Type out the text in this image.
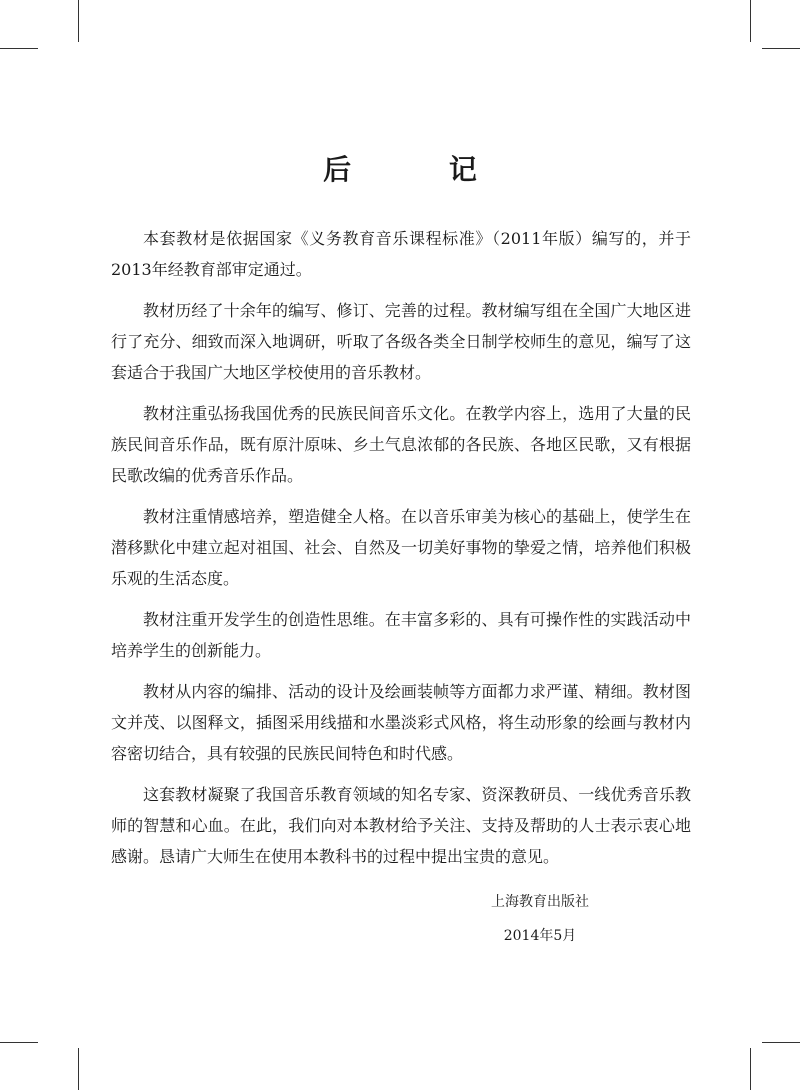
后 记

本套教材是依据国家《义务教育音乐课程标准》（2011年版）编写的，并于2013年经教育部审定通过。

教材历经了十余年的编写、修订、完善的过程。教材编写组在全国广大地区进行了充分、细致而深入地调研，听取了各级各类全日制学校师生的意见，编写了这套适合于我国广大地区学校使用的音乐教材。

教材注重弘扬我国优秀的民族民间音乐文化。在教学内容上，选用了大量的民族民间音乐作品，既有原汁原味、乡土气息浓郁的各民族、各地区民歌，又有根据民歌改编的优秀音乐作品。

教材注重情感培养，塑造健全人格。在以音乐审美为核心的基础上，使学生在潜移默化中建立起对祖国、社会、自然及一切美好事物的挚爱之情，培养他们积极乐观的生活态度。

教材注重开发学生的创造性思维。在丰富多彩的、具有可操作性的实践活动中培养学生的创新能力。

教材从内容的编排、活动的设计及绘画装帧等方面都力求严谨、精细。教材图文并茂、以图释文，插图采用线描和水墨淡彩式风格，将生动形象的绘画与教材内容密切结合，具有较强的民族民间特色和时代感。

这套教材凝聚了我国音乐教育领域的知名专家、资深教研员、一线优秀音乐教师的智慧和心血。在此，我们向对本教材给予关注、支持及帮助的人士表示衷心地感谢。恳请广大师生在使用本教科书的过程中提出宝贵的意见。

上海教育出版社
2014年5月
